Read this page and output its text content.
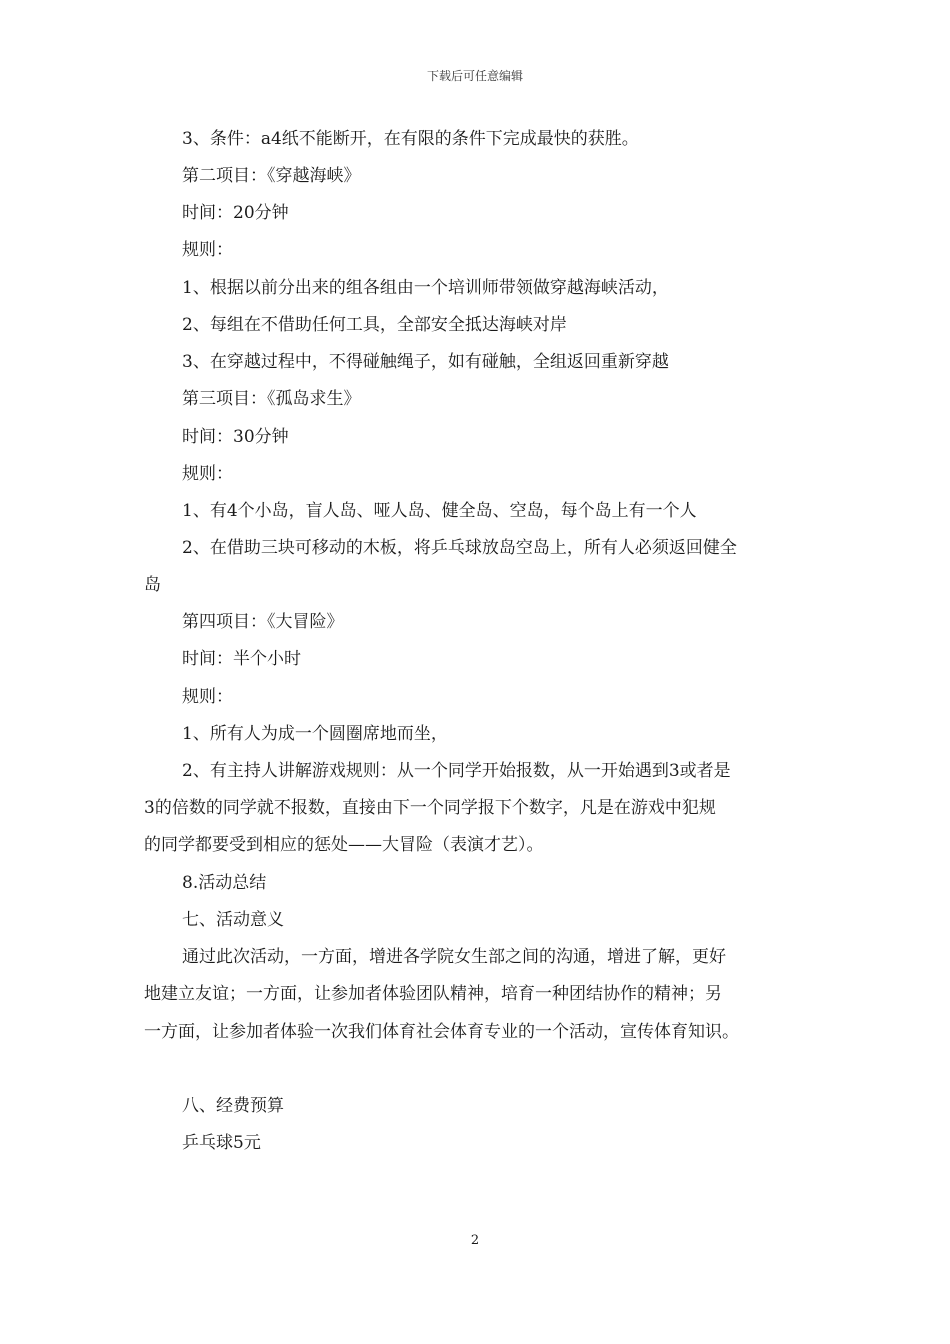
下载后可任意编辑
3、条件：a4纸不能断开，在有限的条件下完成最快的获胜。
第二项目：《穿越海峡》
时间：20分钟
规则：
1、根据以前分出来的组各组由一个培训师带领做穿越海峡活动，
2、每组在不借助任何工具，全部安全抵达海峡对岸
3、在穿越过程中，不得碰触绳子，如有碰触，全组返回重新穿越
第三项目：《孤岛求生》
时间：30分钟
规则：
1、有4个小岛，盲人岛、哑人岛、健全岛、空岛，每个岛上有一个人
2、在借助三块可移动的木板，将乒乓球放岛空岛上，所有人必须返回健全
岛
第四项目：《大冒险》
时间：半个小时
规则：
1、所有人为成一个圆圈席地而坐，
2、有主持人讲解游戏规则：从一个同学开始报数，从一开始遇到3或者是
3的倍数的同学就不报数，直接由下一个同学报下个数字，凡是在游戏中犯规
的同学都要受到相应的惩处——大冒险（表演才艺）。
8.活动总结
七、活动意义
通过此次活动，一方面，增进各学院女生部之间的沟通，增进了解，更好
地建立友谊；一方面，让参加者体验团队精神，培育一种团结协作的精神；另
一方面，让参加者体验一次我们体育社会体育专业的一个活动，宣传体育知识。
八、经费预算
乒乓球5元
2
